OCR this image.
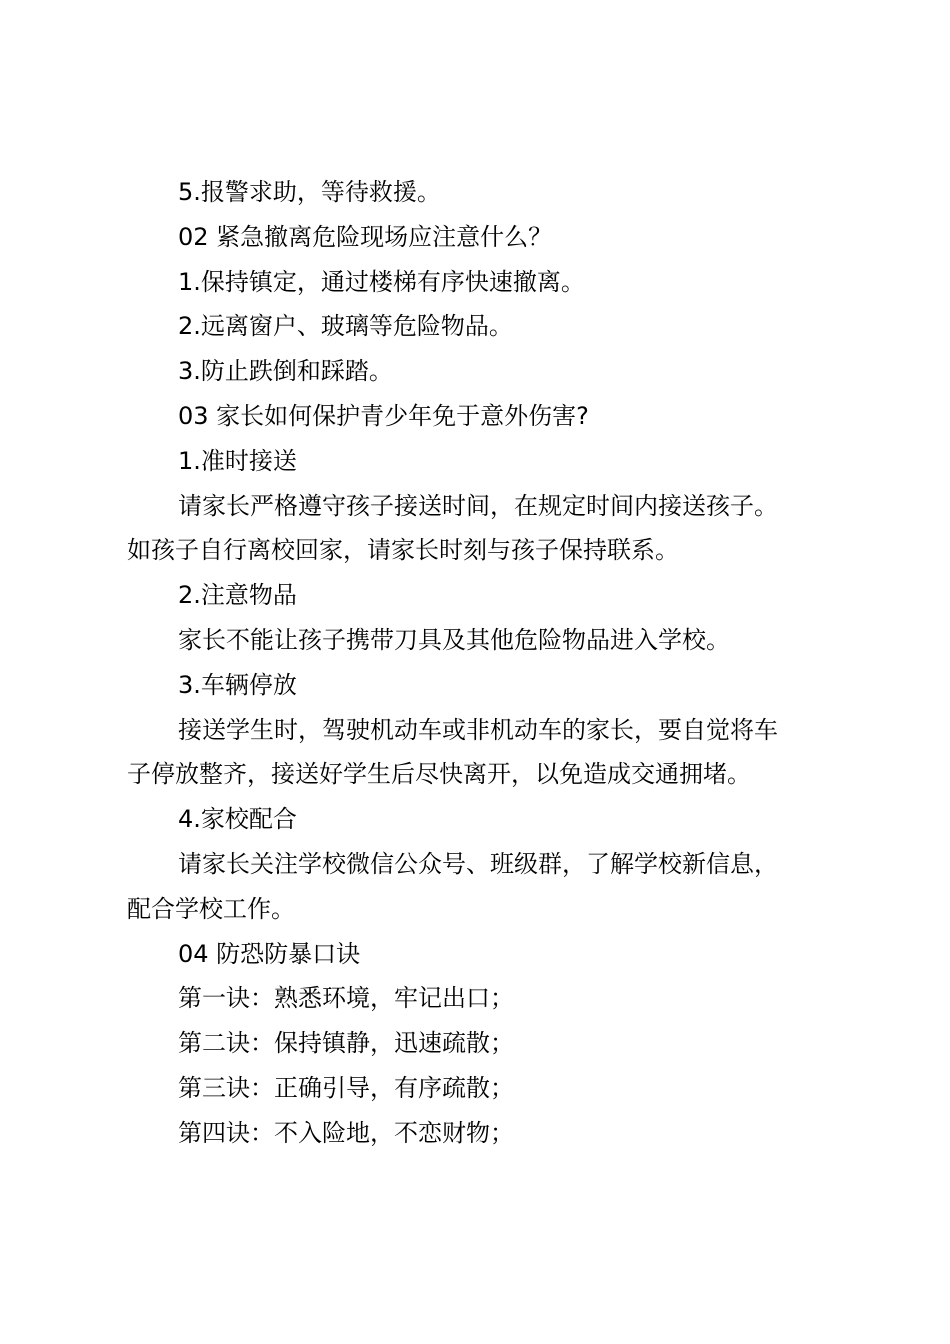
5.报警求助，等待救援。
02 紧急撤离危险现场应注意什么？
1.保持镇定，通过楼梯有序快速撤离。
2.远离窗户、玻璃等危险物品。
3.防止跌倒和踩踏。
03 家长如何保护青少年免于意外伤害?
1.准时接送
请家长严格遵守孩子接送时间，在规定时间内接送孩子。
如孩子自行离校回家，请家长时刻与孩子保持联系。
2.注意物品
家长不能让孩子携带刀具及其他危险物品进入学校。
3.车辆停放
接送学生时，驾驶机动车或非机动车的家长，要自觉将车
子停放整齐，接送好学生后尽快离开，以免造成交通拥堵。
4.家校配合
请家长关注学校微信公众号、班级群，了解学校新信息，
配合学校工作。
04 防恐防暴口诀
第一诀：熟悉环境，牢记出口；
第二诀：保持镇静，迅速疏散；
第三诀：正确引导，有序疏散；
第四诀：不入险地，不恋财物；
